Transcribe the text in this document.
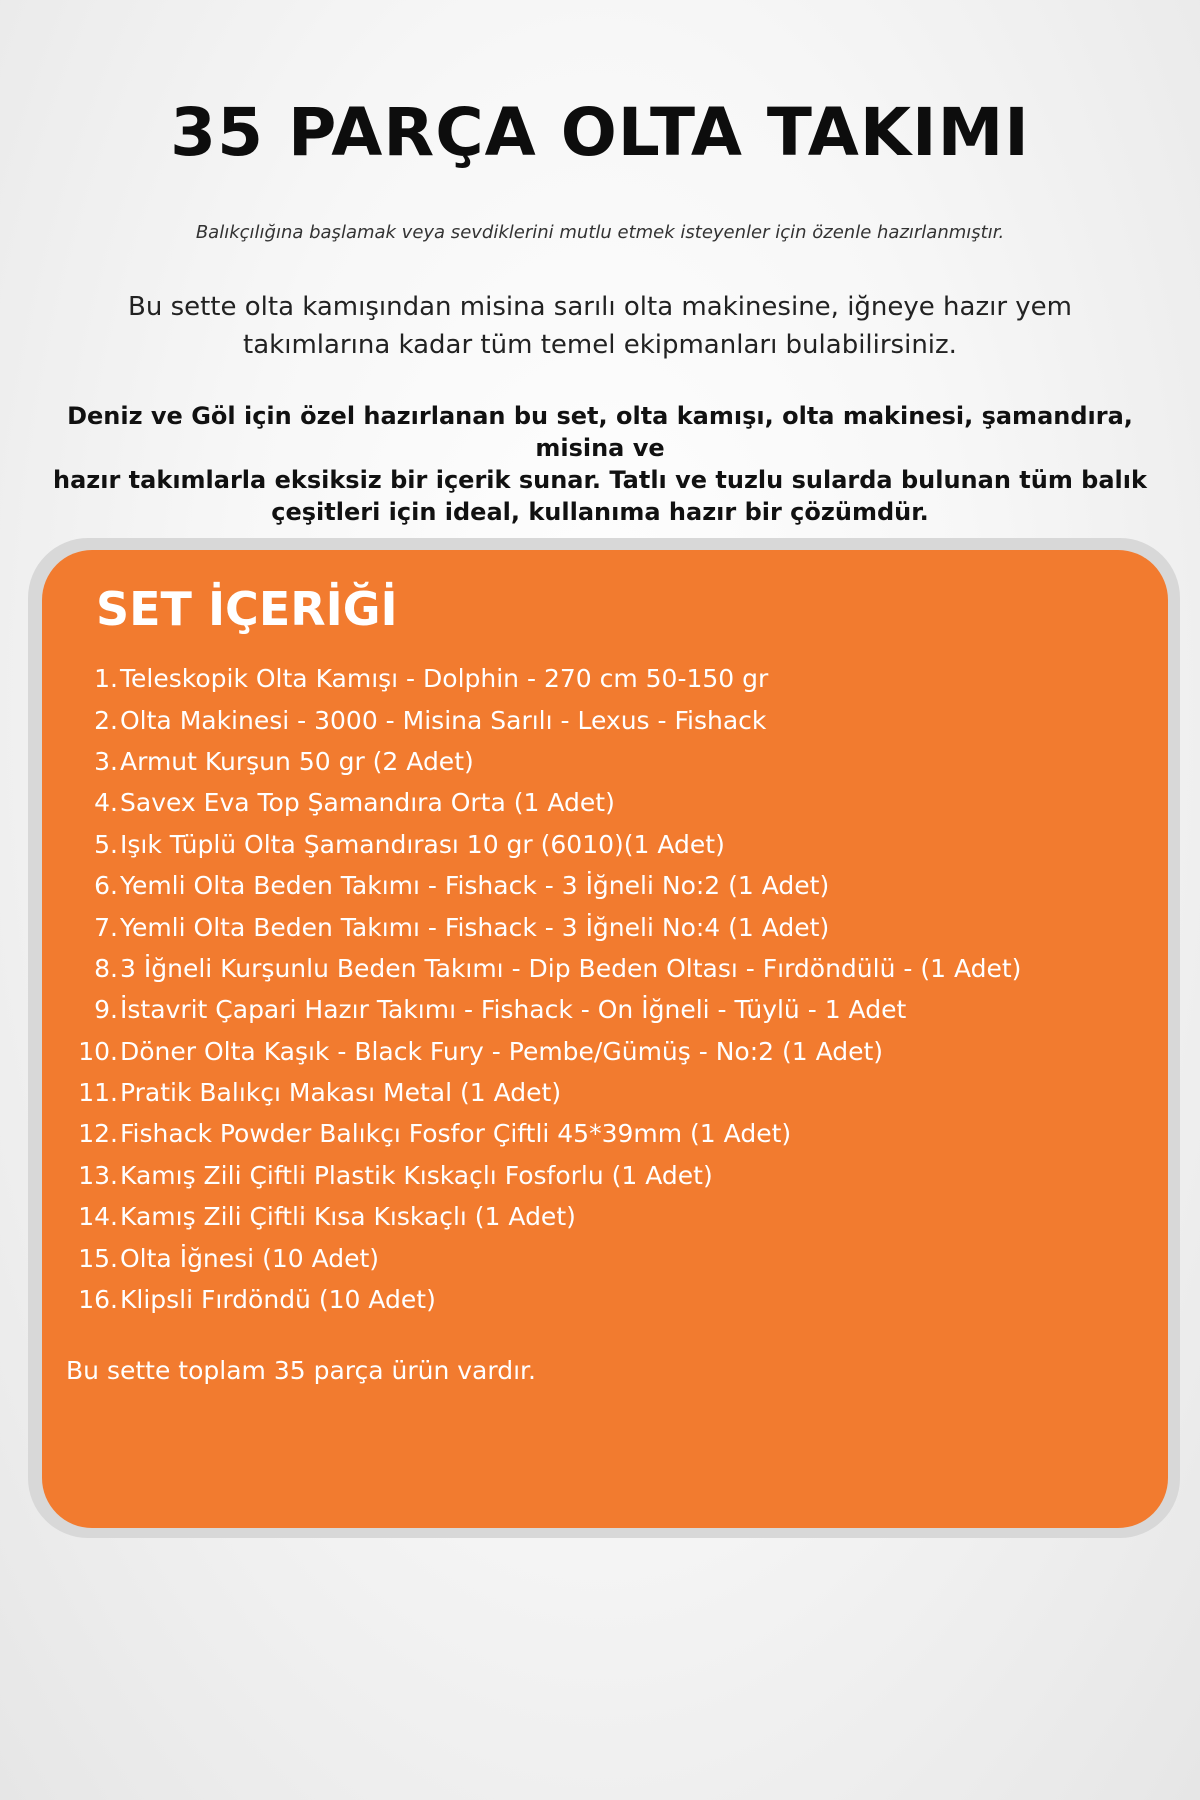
35 PARÇA OLTA TAKIMI
Balıkçılığına başlamak veya sevdiklerini mutlu etmek isteyenler için özenle hazırlanmıştır.
Bu sette olta kamışından misina sarılı olta makinesine, iğneye hazır yem
takımlarına kadar tüm temel ekipmanları bulabilirsiniz.
Deniz ve Göl için özel hazırlanan bu set, olta kamışı, olta makinesi, şamandıra, misina ve
hazır takımlarla eksiksiz bir içerik sunar. Tatlı ve tuzlu sularda bulunan tüm balık
çeşitleri için ideal, kullanıma hazır bir çözümdür.
SET İÇERİĞİ
1. Teleskopik Olta Kamışı - Dolphin - 270 cm 50-150 gr
2. Olta Makinesi - 3000 - Misina Sarılı - Lexus - Fishack
3. Armut Kurşun 50 gr (2 Adet)
4. Savex Eva Top Şamandıra Orta (1 Adet)
5. Işık Tüplü Olta Şamandırası 10 gr (6010)(1 Adet)
6. Yemli Olta Beden Takımı - Fishack - 3 İğneli No:2 (1 Adet)
7. Yemli Olta Beden Takımı - Fishack - 3 İğneli No:4 (1 Adet)
8. 3 İğneli Kurşunlu Beden Takımı - Dip Beden Oltası - Fırdöndülü - (1 Adet)
9. İstavrit Çapari Hazır Takımı - Fishack - On İğneli - Tüylü - 1 Adet
10. Döner Olta Kaşık - Black Fury - Pembe/Gümüş - No:2 (1 Adet)
11. Pratik Balıkçı Makası Metal (1 Adet)
12. Fishack Powder Balıkçı Fosfor Çiftli 45*39mm (1 Adet)
13. Kamış Zili Çiftli Plastik Kıskaçlı Fosforlu (1 Adet)
14. Kamış Zili Çiftli Kısa Kıskaçlı (1 Adet)
15. Olta İğnesi (10 Adet)
16. Klipsli Fırdöndü (10 Adet)
Bu sette toplam 35 parça ürün vardır.
